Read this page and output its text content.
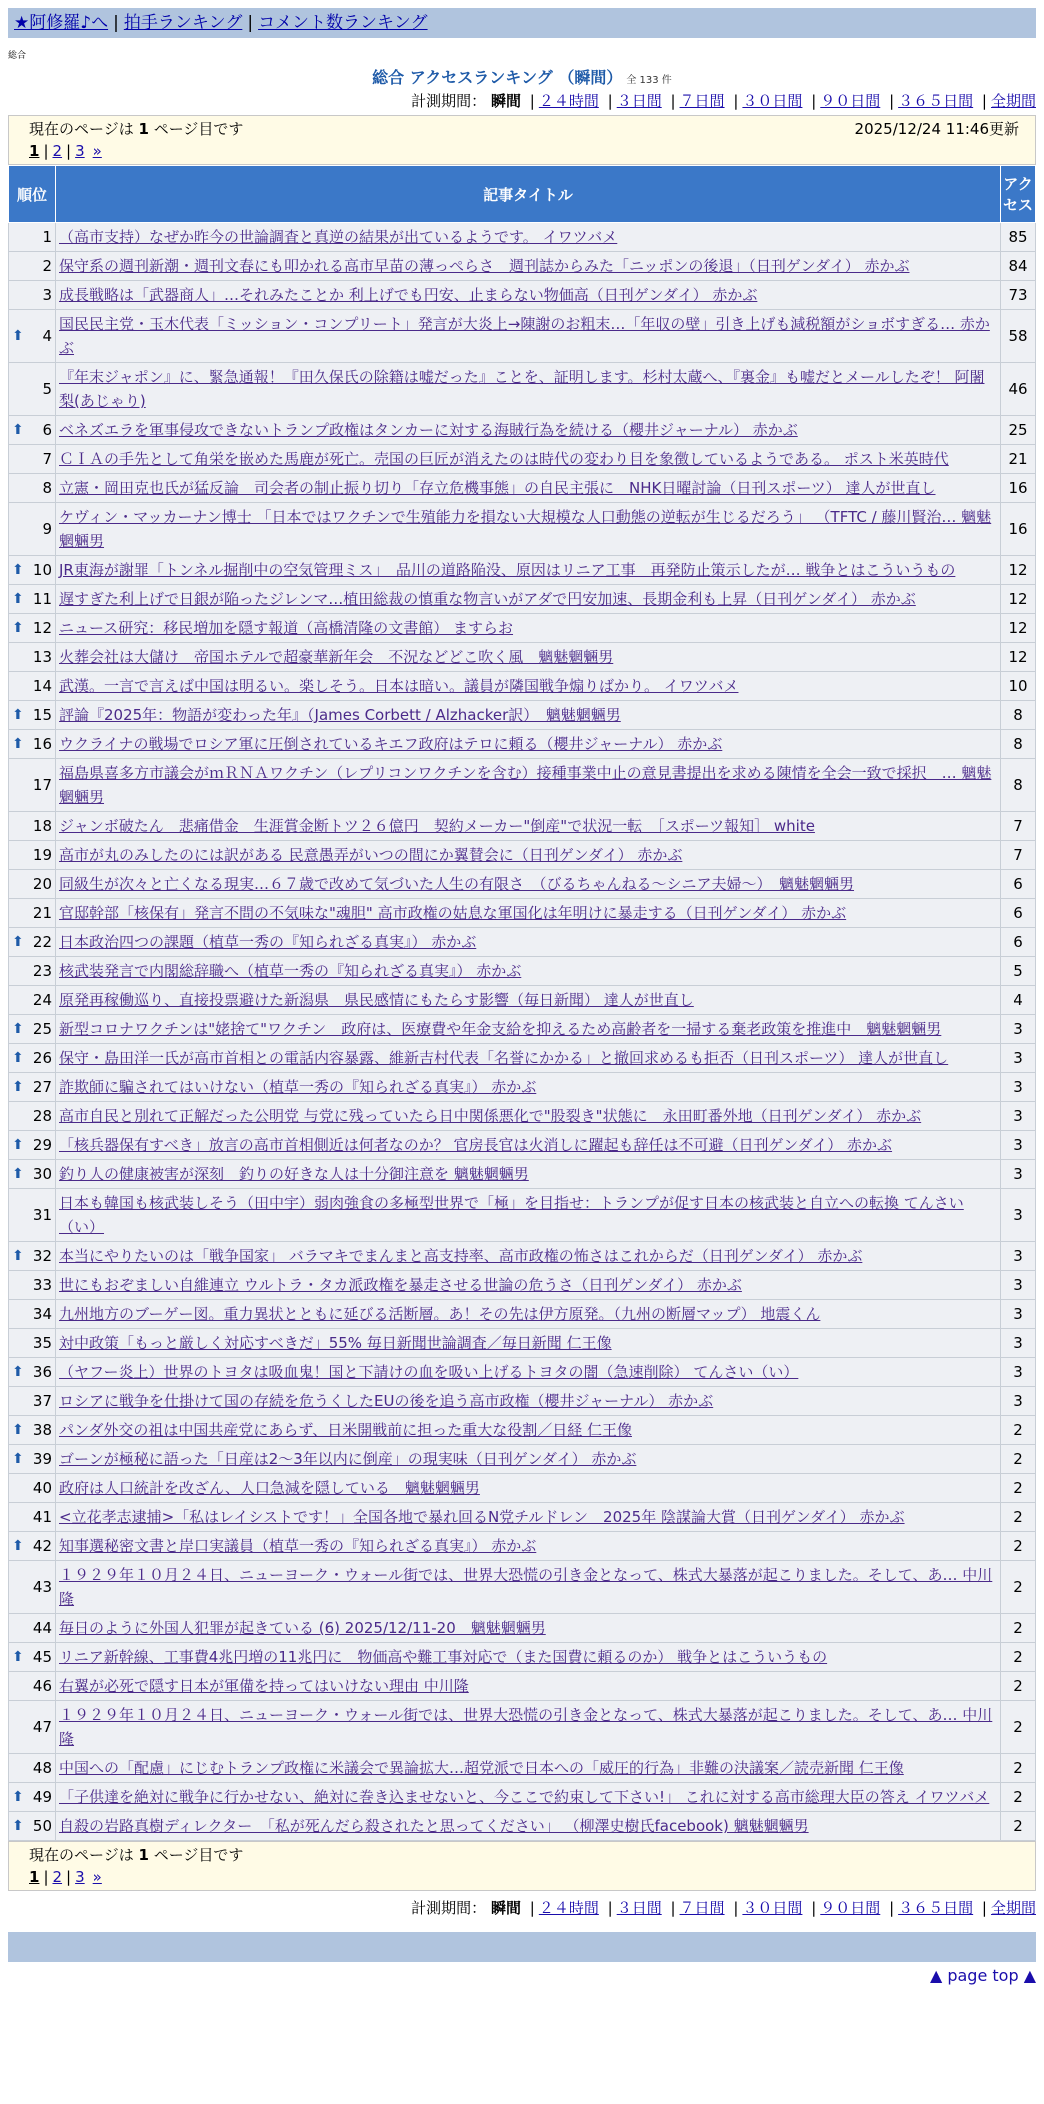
★阿修羅♪へ | 拍手ランキング | コメント数ランキング
総合
総合 アクセスランキング （瞬間） 全 133 件
計測期間： 瞬間 | ２４時間 | ３日間 | ７日間 | ３０日間 | ９０日間 | ３６５日間 | 全期間
現在のページは 1 ページ目です	2025/12/24 11:46更新
1 | 2 | 3 »
順位	記事タイトル	アクセス
1	（高市支持）なぜか昨今の世論調査と真逆の結果が出ているようです。 イワツバメ	85
2	保守系の週刊新潮・週刊文春にも叩かれる高市早苗の薄っぺらさ　週刊誌からみた「ニッポンの後退」（日刊ゲンダイ） 赤かぶ	84
3	成長戦略は「武器商人」…それみたことか 利上げでも円安、止まらない物価高（日刊ゲンダイ） 赤かぶ	73

⬆ 4	国民民主党・玉木代表「ミッション・コンプリート」発言が大炎上→陳謝のお粗末…「年収の壁」引き上げも減税額がショボすぎる… 赤かぶ	58
5	『年末ジャポン』に、緊急通報！『田久保氏の除籍は嘘だった』ことを、証明します。杉村太蔵へ、『裏金』も嘘だとメールしたぞ！ 阿闍梨(あじゃり)	46

⬆ 6	ベネズエラを軍事侵攻できないトランプ政権はタンカーに対する海賊行為を続ける（櫻井ジャーナル） 赤かぶ	25
7	ＣＩＡの手先として角栄を嵌めた馬鹿が死亡。売国の巨匠が消えたのは時代の変わり目を象徴しているようである。 ポスト米英時代	21
8	立憲・岡田克也氏が猛反論　司会者の制止振り切り「存立危機事態」の自民主張に　NHK日曜討論（日刊スポーツ） 達人が世直し	16
9	ケヴィン・マッカーナン博士 「日本ではワクチンで生殖能力を損ない大規模な人口動態の逆転が生じるだろう」 （TFTC / 藤川賢治… 魑魅魍魎男	16

⬆ 10	JR東海が謝罪「トンネル掘削中の空気管理ミス」　品川の道路陥没、原因はリニア工事　再発防止策示したが… 戦争とはこういうもの	12

⬆ 11	遅すぎた利上げで日銀が陥ったジレンマ…植田総裁の慎重な物言いがアダで円安加速、長期金利も上昇（日刊ゲンダイ） 赤かぶ	12

⬆ 12	ニュース研究：移民増加を隠す報道（高橋清隆の文書館） ますらお	12
13	火葬会社は大儲け　帝国ホテルで超豪華新年会　不況などどこ吹く風　魑魅魍魎男	12
14	武漢。一言で言えば中国は明るい。楽しそう。日本は暗い。議員が隣国戦争煽りばかり。 イワツバメ	10

⬆ 15	評論『2025年：物語が変わった年』（James Corbett / Alzhacker訳）　魑魅魍魎男	8

⬆ 16	ウクライナの戦場でロシア軍に圧倒されているキエフ政府はテロに頼る（櫻井ジャーナル） 赤かぶ	8
17	福島県喜多方市議会がｍＲＮＡワクチン（レプリコンワクチンを含む）接種事業中止の意見書提出を求める陳情を全会一致で採択　… 魑魅魍魎男	8
18	ジャンボ破たん　悲痛借金　生涯賞金断トツ２６億円　契約メーカー"倒産"で状況一転　［スポーツ報知］ white	7
19	高市が丸のみしたのには訳がある 民意愚弄がいつの間にか翼賛会に（日刊ゲンダイ） 赤かぶ	7
20	同級生が次々と亡くなる現実…６７歳で改めて気づいた人生の有限さ　（びるちゃんねる〜シニア夫婦〜）　魑魅魍魎男	6
21	官邸幹部「核保有」発言不問の不気味な"魂胆" 高市政権の姑息な軍国化は年明けに暴走する（日刊ゲンダイ） 赤かぶ	6

⬆ 22	日本政治四つの課題（植草一秀の『知られざる真実』） 赤かぶ	6
23	核武装発言で内閣総辞職へ（植草一秀の『知られざる真実』） 赤かぶ	5
24	原発再稼働巡り、直接投票避けた新潟県　県民感情にもたらす影響（毎日新聞） 達人が世直し	4

⬆ 25	新型コロナワクチンは"姥捨て"ワクチン　政府は、医療費や年金支給を抑えるため高齢者を一掃する棄老政策を推進中　魑魅魍魎男	3

⬆ 26	保守・島田洋一氏が高市首相との電話内容暴露、維新吉村代表「名誉にかかる」と撤回求めるも拒否（日刊スポーツ） 達人が世直し	3

⬆ 27	詐欺師に騙されてはいけない（植草一秀の『知られざる真実』） 赤かぶ	3
28	高市自民と別れて正解だった公明党 与党に残っていたら日中関係悪化で"股裂き"状態に　永田町番外地（日刊ゲンダイ） 赤かぶ	3

⬆ 29	「核兵器保有すべき」放言の高市首相側近は何者なのか？ 官房長官は火消しに躍起も辞任は不可避（日刊ゲンダイ） 赤かぶ	3

⬆ 30	釣り人の健康被害が深刻　釣りの好きな人は十分御注意を 魑魅魍魎男	3
31	日本も韓国も核武装しそう（田中宇）弱肉強食の多極型世界で「極」を目指せ：トランプが促す日本の核武装と自立への転換 てんさい（い）	3

⬆ 32	本当にやりたいのは「戦争国家」 バラマキでまんまと高支持率、高市政権の怖さはこれからだ（日刊ゲンダイ） 赤かぶ	3
33	世にもおぞましい自維連立 ウルトラ・タカ派政権を暴走させる世論の危うさ（日刊ゲンダイ） 赤かぶ	3
34	九州地方のブーゲー図。重力異状とともに延びる活断層。あ！その先は伊方原発。（九州の断層マップ） 地震くん	3
35	対中政策「もっと厳しく対応すべきだ」55% 毎日新聞世論調査／毎日新聞 仁王像	3

⬆ 36	（ヤフー炎上）世界のトヨタは吸血鬼！国と下請けの血を吸い上げるトヨタの闇（急速削除） てんさい（い）	3
37	ロシアに戦争を仕掛けて国の存続を危うくしたEUの後を追う高市政権（櫻井ジャーナル） 赤かぶ	3

⬆ 38	パンダ外交の祖は中国共産党にあらず、日米開戦前に担った重大な役割／日経 仁王像	2

⬆ 39	ゴーンが極秘に語った「日産は2〜3年以内に倒産」の現実味（日刊ゲンダイ） 赤かぶ	2
40	政府は人口統計を改ざん、人口急減を隠している　魑魅魍魎男	2
41	<立花孝志逮捕>「私はレイシストです！」全国各地で暴れ回るN党チルドレン　2025年 陰謀論大賞（日刊ゲンダイ） 赤かぶ	2

⬆ 42	知事選秘密文書と岸口実議員（植草一秀の『知られざる真実』） 赤かぶ	2
43	１９２９年１０月２４日、ニューヨーク・ウォール街では、世界大恐慌の引き金となって、株式大暴落が起こりました。そして、あ… 中川隆	2
44	毎日のように外国人犯罪が起きている (6) 2025/12/11-20　魑魅魍魎男	2

⬆ 45	リニア新幹線、工事費4兆円増の11兆円に　物価高や難工事対応で（また国費に頼るのか） 戦争とはこういうもの	2
46	右翼が必死で隠す日本が軍備を持ってはいけない理由 中川隆	2
47	１９２９年１０月２４日、ニューヨーク・ウォール街では、世界大恐慌の引き金となって、株式大暴落が起こりました。そして、あ… 中川隆	2
48	中国への「配慮」にじむトランプ政権に米議会で異論拡大…超党派で日本への「威圧的行為」非難の決議案／読売新聞 仁王像	2

⬆ 49	「子供達を絶対に戦争に行かせない、絶対に巻き込ませないと、今ここで約束して下さい!」 これに対する高市総理大臣の答え イワツバメ	2

⬆ 50	自殺の岩路真樹ディレクター　「私が死んだら殺されたと思ってください」 （柳澤史樹氏facebook) 魑魅魍魎男	2
現在のページは 1 ページ目です
1 | 2 | 3 »
計測期間： 瞬間 | ２４時間 | ３日間 | ７日間 | ３０日間 | ９０日間 | ３６５日間 | 全期間
▲ page top ▲
